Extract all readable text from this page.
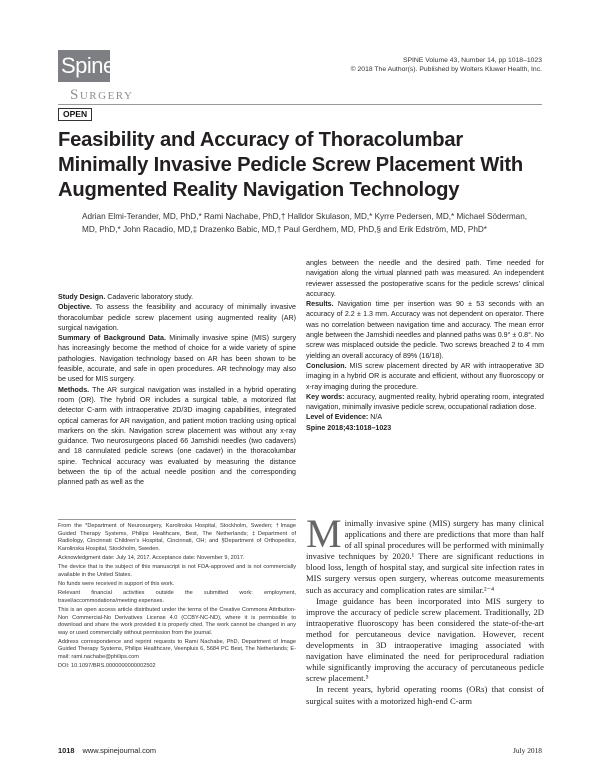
Spine
Surgery
SPINE Volume 43, Number 14, pp 1018–1023
© 2018 The Author(s). Published by Wolters Kluwer Health, Inc.
OPEN
Feasibility and Accuracy of Thoracolumbar Minimally Invasive Pedicle Screw Placement With Augmented Reality Navigation Technology
Adrian Elmi-Terander, MD, PhD,* Rami Nachabe, PhD,† Halldor Skulason, MD,* Kyrre Pedersen, MD,* Michael Söderman, MD, PhD,* John Racadio, MD,‡ Drazenko Babic, MD,† Paul Gerdhem, MD, PhD,§ and Erik Edström, MD, PhD*

Study Design. Cadaveric laboratory study.

Objective. To assess the feasibility and accuracy of minimally invasive thoracolumbar pedicle screw placement using augmented reality (AR) surgical navigation.

Summary of Background Data. Minimally invasive spine (MIS) surgery has increasingly become the method of choice for a wide variety of spine pathologies. Navigation technology based on AR has been shown to be feasible, accurate, and safe in open procedures. AR technology may also be used for MIS surgery.

Methods. The AR surgical navigation was installed in a hybrid operating room (OR). The hybrid OR includes a surgical table, a motorized flat detector C-arm with intraoperative 2D/3D imaging capabilities, integrated optical cameras for AR navigation, and patient motion tracking using optical markers on the skin. Navigation screw placement was without any x-ray guidance. Two neurosurgeons placed 66 Jamshidi needles (two cadavers) and 18 cannulated pedicle screws (one cadaver) in the thoracolumbar spine. Technical accuracy was evaluated by measuring the distance between the tip of the actual needle position and the corresponding planned path as well as the

angles between the needle and the desired path. Time needed for navigation along the virtual planned path was measured. An independent reviewer assessed the postoperative scans for the pedicle screws' clinical accuracy.

Results. Navigation time per insertion was 90 ± 53 seconds with an accuracy of 2.2 ± 1.3 mm. Accuracy was not dependent on operator. There was no correlation between navigation time and accuracy. The mean error angle between the Jamshidi needles and planned paths was 0.9° ± 0.8°. No screw was misplaced outside the pedicle. Two screws breached 2 to 4 mm yielding an overall accuracy of 89% (16/18).

Conclusion. MIS screw placement directed by AR with intraoperative 3D imaging in a hybrid OR is accurate and efficient, without any fluoroscopy or x-ray imaging during the procedure.

Key words: accuracy, augmented reality, hybrid operating room, integrated navigation, minimally invasive pedicle screw, occupational radiation dose.

Level of Evidence: N/A

Spine 2018;43:1018–1023

From the *Department of Neurosurgery, Karolinska Hospital, Stockholm, Sweden; †Image Guided Therapy Systems, Philips Healthcare, Best, The Netherlands; ‡Department of Radiology, Cincinnati Children's Hospital, Cincinnati, OH; and §Department of Orthopedics, Karolinska Hospital, Stockholm, Sweden.

Acknowledgment date: July 14, 2017. Acceptance date: November 9, 2017.

The device that is the subject of this manuscript is not FDA-approved and is not commercially available in the United States.

No funds were received in support of this work.

Relevant financial activities outside the submitted work: employment, travel/accommodations/meeting expenses.

This is an open access article distributed under the terms of the Creative Commons Attribution-Non Commercial-No Derivatives License 4.0 (CCBY-NC-ND), where it is permissible to download and share the work provided it is properly cited. The work cannot be changed in any way or used commercially without permission from the journal.

Address correspondence and reprint requests to Rami Nachabe, PhD, Department of Image Guided Therapy Systems, Philips Healthcare, Veenpluis 6, 5684 PC Best, The Netherlands; E-mail: rami.nachabe@philips.com

DOI: 10.1097/BRS.0000000000002502

Minimally invasive spine (MIS) surgery has many clinical applications and there are predictions that more than half of all spinal procedures will be performed with minimally invasive techniques by 2020.¹ There are significant reductions in blood loss, length of hospital stay, and surgical site infection rates in MIS surgery versus open surgery, whereas outcome measurements such as accuracy and complication rates are similar.²⁻⁴

Image guidance has been incorporated into MIS surgery to improve the accuracy of pedicle screw placement. Traditionally, 2D intraoperative fluoroscopy has been considered the state-of-the-art method for percutaneous device navigation. However, recent developments in 3D intraoperative imaging associated with navigation have eliminated the need for periprocedural radiation while significantly improving the accuracy of percutaneous pedicle screw placement.⁵

In recent years, hybrid operating rooms (ORs) that consist of surgical suites with a motorized high-end C-arm

1018 www.spinejournal.com	July 2018
